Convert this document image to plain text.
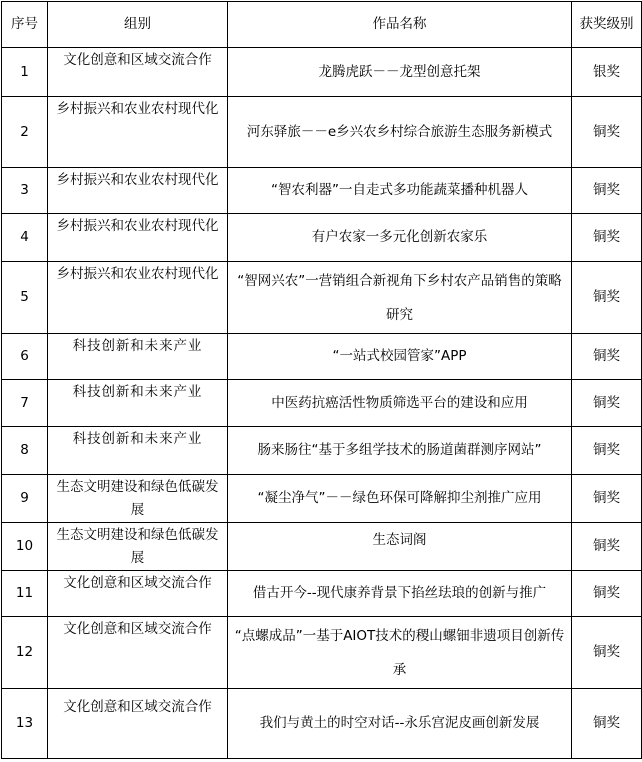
序号	组别	作品名称	获奖级别
1	文化创意和区域交流合作	龙腾虎跃－－龙型创意托架	银奖
2	乡村振兴和农业农村现代化	河东驿旅－－e乡兴农乡村综合旅游生态服务新模式	铜奖
3	乡村振兴和农业农村现代化	“智农利器”一自走式多功能蔬菜播种机器人	铜奖
4	乡村振兴和农业农村现代化	有户农家一多元化创新农家乐	铜奖
5	乡村振兴和农业农村现代化	“智网兴农”一营销组合新视角下乡村农产品销售的策略研究	铜奖
6	科技创新和未来产业	“一站式校园管家”APP	铜奖
7	科技创新和未来产业	中医药抗癌活性物质筛选平台的建设和应用	铜奖
8	科技创新和未来产业	肠来肠往“基于多组学技术的肠道菌群测序网站”	铜奖
9	生态文明建设和绿色低碳发展	“凝尘净气”－－绿色环保可降解抑尘剂推广应用	铜奖
10	生态文明建设和绿色低碳发展	生态词阁	铜奖
11	文化创意和区域交流合作	借古开今--现代康养背景下掐丝珐琅的创新与推广	铜奖
12	文化创意和区域交流合作	“点螺成品”一基于AIOT技术的稷山螺钿非遗项目创新传承	铜奖
13	文化创意和区域交流合作	我们与黄土的时空对话--永乐宫泥皮画创新发展	铜奖
